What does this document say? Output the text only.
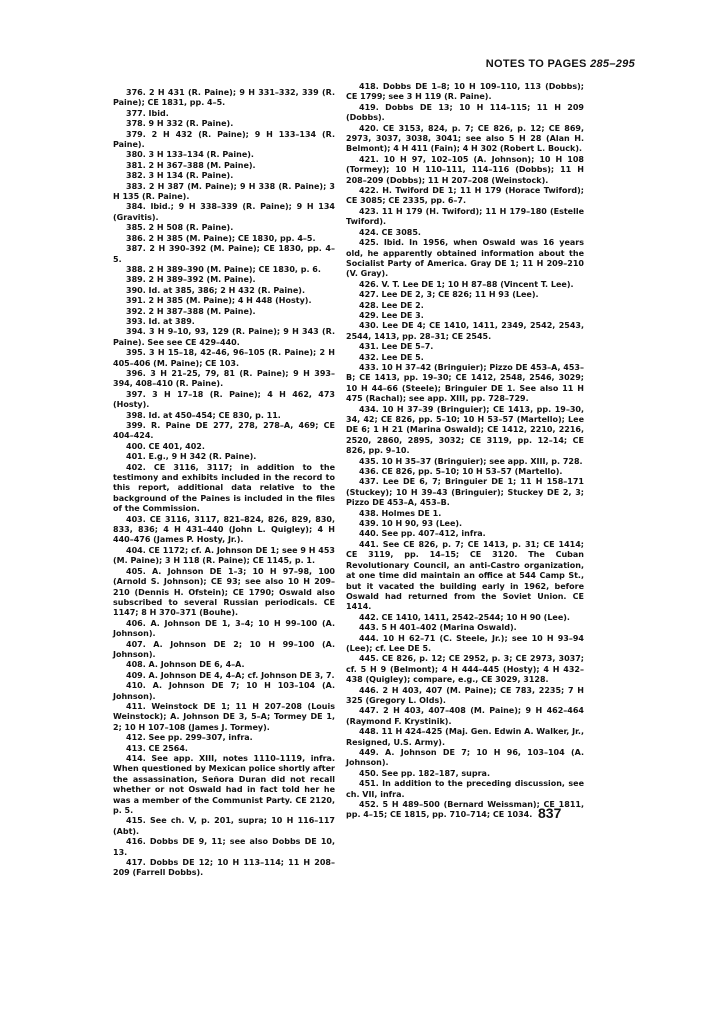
NOTES TO PAGES 285–295

376. 2 H 431 (R. Paine); 9 H 331–332, 339 (R. Paine); CE 1831, pp. 4–5.

377. Ibid.

378. 9 H 332 (R. Paine).

379. 2 H 432 (R. Paine); 9 H 133–134 (R. Paine).

380. 3 H 133–134 (R. Paine).

381. 2 H 367–388 (M. Paine).

382. 3 H 134 (R. Paine).

383. 2 H 387 (M. Paine); 9 H 338 (R. Paine); 3 H 135 (R. Paine).

384. Ibid.; 9 H 338–339 (R. Paine); 9 H 134 (Gravitis).

385. 2 H 508 (R. Paine).

386. 2 H 385 (M. Paine); CE 1830, pp. 4–5.

387. 2 H 390–392 (M. Paine); CE 1830, pp. 4–5.

388. 2 H 389–390 (M. Paine); CE 1830, p. 6.

389. 2 H 389–392 (M. Paine).

390. Id. at 385, 386; 2 H 432 (R. Paine).

391. 2 H 385 (M. Paine); 4 H 448 (Hosty).

392. 2 H 387–388 (M. Paine).

393. Id. at 389.

394. 3 H 9–10, 93, 129 (R. Paine); 9 H 343 (R. Paine). See see CE 429–440.

395. 3 H 15–18, 42–46, 96–105 (R. Paine); 2 H 405–406 (M. Paine); CE 103.

396. 3 H 21–25, 79, 81 (R. Paine); 9 H 393–394, 408–410 (R. Paine).

397. 3 H 17–18 (R. Paine); 4 H 462, 473 (Hosty).

398. Id. at 450–454; CE 830, p. 11.

399. R. Paine DE 277, 278, 278–A, 469; CE 404–424.

400. CE 401, 402.

401. E.g., 9 H 342 (R. Paine).

402. CE 3116, 3117; in addition to the testimony and exhibits included in the record to this report, additional data relative to the background of the Paines is included in the files of the Commission.

403. CE 3116, 3117, 821–824, 826, 829, 830, 833, 836; 4 H 431–440 (John L. Quigley); 4 H 440–476 (James P. Hosty, Jr.).

404. CE 1172; cf. A. Johnson DE 1; see 9 H 453 (M. Paine); 3 H 118 (R. Paine); CE 1145, p. 1.

405. A. Johnson DE 1–3; 10 H 97–98, 100 (Arnold S. Johnson); CE 93; see also 10 H 209–210 (Dennis H. Ofstein); CE 1790; Oswald also subscribed to several Russian periodicals. CE 1147; 8 H 370–371 (Bouhe).

406. A. Johnson DE 1, 3–4; 10 H 99–100 (A. Johnson).

407. A. Johnson DE 2; 10 H 99–100 (A. Johnson).

408. A. Johnson DE 6, 4–A.

409. A. Johnson DE 4, 4–A; cf. Johnson DE 3, 7.

410. A. Johnson DE 7; 10 H 103–104 (A. Johnson).

411. Weinstock DE 1; 11 H 207–208 (Louis Weinstock); A. Johnson DE 3, 5–A; Tormey DE 1, 2; 10 H 107–108 (James J. Tormey).

412. See pp. 299–307, infra.

413. CE 2564.

414. See app. XIII, notes 1110–1119, infra. When questioned by Mexican police shortly after the assassination, Señora Duran did not recall whether or not Oswald had in fact told her he was a member of the Communist Party. CE 2120, p. 5.

415. See ch. V, p. 201, supra; 10 H 116–117 (Abt).

416. Dobbs DE 9, 11; see also Dobbs DE 10, 13.

417. Dobbs DE 12; 10 H 113–114; 11 H 208–209 (Farrell Dobbs).

418. Dobbs DE 1–8; 10 H 109–110, 113 (Dobbs); CE 1799; see 3 H 119 (R. Paine).

419. Dobbs DE 13; 10 H 114–115; 11 H 209 (Dobbs).

420. CE 3153, 824, p. 7; CE 826, p. 12; CE 869, 2973, 3037, 3038, 3041; see also 5 H 28 (Alan H. Belmont); 4 H 411 (Fain); 4 H 302 (Robert L. Bouck).

421. 10 H 97, 102–105 (A. Johnson); 10 H 108 (Tormey); 10 H 110–111, 114–116 (Dobbs); 11 H 208–209 (Dobbs); 11 H 207–208 (Weinstock).

422. H. Twiford DE 1; 11 H 179 (Horace Twiford); CE 3085; CE 2335, pp. 6–7.

423. 11 H 179 (H. Twiford); 11 H 179–180 (Estelle Twiford).

424. CE 3085.

425. Ibid. In 1956, when Oswald was 16 years old, he apparently obtained information about the Socialist Party of America. Gray DE 1; 11 H 209–210 (V. Gray).

426. V. T. Lee DE 1; 10 H 87–88 (Vincent T. Lee).

427. Lee DE 2, 3; CE 826; 11 H 93 (Lee).

428. Lee DE 2.

429. Lee DE 3.

430. Lee DE 4; CE 1410, 1411, 2349, 2542, 2543, 2544, 1413, pp. 28–31; CE 2545.

431. Lee DE 5–7.

432. Lee DE 5.

433. 10 H 37–42 (Bringuier); Pizzo DE 453–A, 453–B; CE 1413, pp. 19–30; CE 1412, 2548, 2546, 3029; 10 H 44–66 (Steele); Bringuier DE 1. See also 11 H 475 (Rachal); see app. XIII, pp. 728–729.

434. 10 H 37–39 (Bringuier); CE 1413, pp. 19–30, 34, 42; CE 826, pp. 5–10; 10 H 53–57 (Martello); Lee DE 6; 1 H 21 (Marina Oswald); CE 1412, 2210, 2216, 2520, 2860, 2895, 3032; CE 3119, pp. 12–14; CE 826, pp. 9–10.

435. 10 H 35–37 (Bringuier); see app. XIII, p. 728.

436. CE 826, pp. 5–10; 10 H 53–57 (Martello).

437. Lee DE 6, 7; Bringuier DE 1; 11 H 158–171 (Stuckey); 10 H 39–43 (Bringuier); Stuckey DE 2, 3; Pizzo DE 453–A, 453–B.

438. Holmes DE 1.

439. 10 H 90, 93 (Lee).

440. See pp. 407–412, infra.

441. See CE 826, p. 7; CE 1413, p. 31; CE 1414; CE 3119, pp. 14–15; CE 3120. The Cuban Revolutionary Council, an anti-Castro organization, at one time did maintain an office at 544 Camp St., but it vacated the building early in 1962, before Oswald had returned from the Soviet Union. CE 1414.

442. CE 1410, 1411, 2542–2544; 10 H 90 (Lee).

443. 5 H 401–402 (Marina Oswald).

444. 10 H 62–71 (C. Steele, Jr.); see 10 H 93–94 (Lee); cf. Lee DE 5.

445. CE 826, p. 12; CE 2952, p. 3; CE 2973, 3037; cf. 5 H 9 (Belmont); 4 H 444–445 (Hosty); 4 H 432–438 (Quigley); compare, e.g., CE 3029, 3128.

446. 2 H 403, 407 (M. Paine); CE 783, 2235; 7 H 325 (Gregory L. Olds).

447. 2 H 403, 407–408 (M. Paine); 9 H 462–464 (Raymond F. Krystinik).

448. 11 H 424–425 (Maj. Gen. Edwin A. Walker, Jr., Resigned, U.S. Army).

449. A. Johnson DE 7; 10 H 96, 103–104 (A. Johnson).

450. See pp. 182–187, supra.

451. In addition to the preceding discussion, see ch. VII, infra.

452. 5 H 489–500 (Bernard Weissman); CE 1811, pp. 4–15; CE 1815, pp. 710–714; CE 1034. 837
